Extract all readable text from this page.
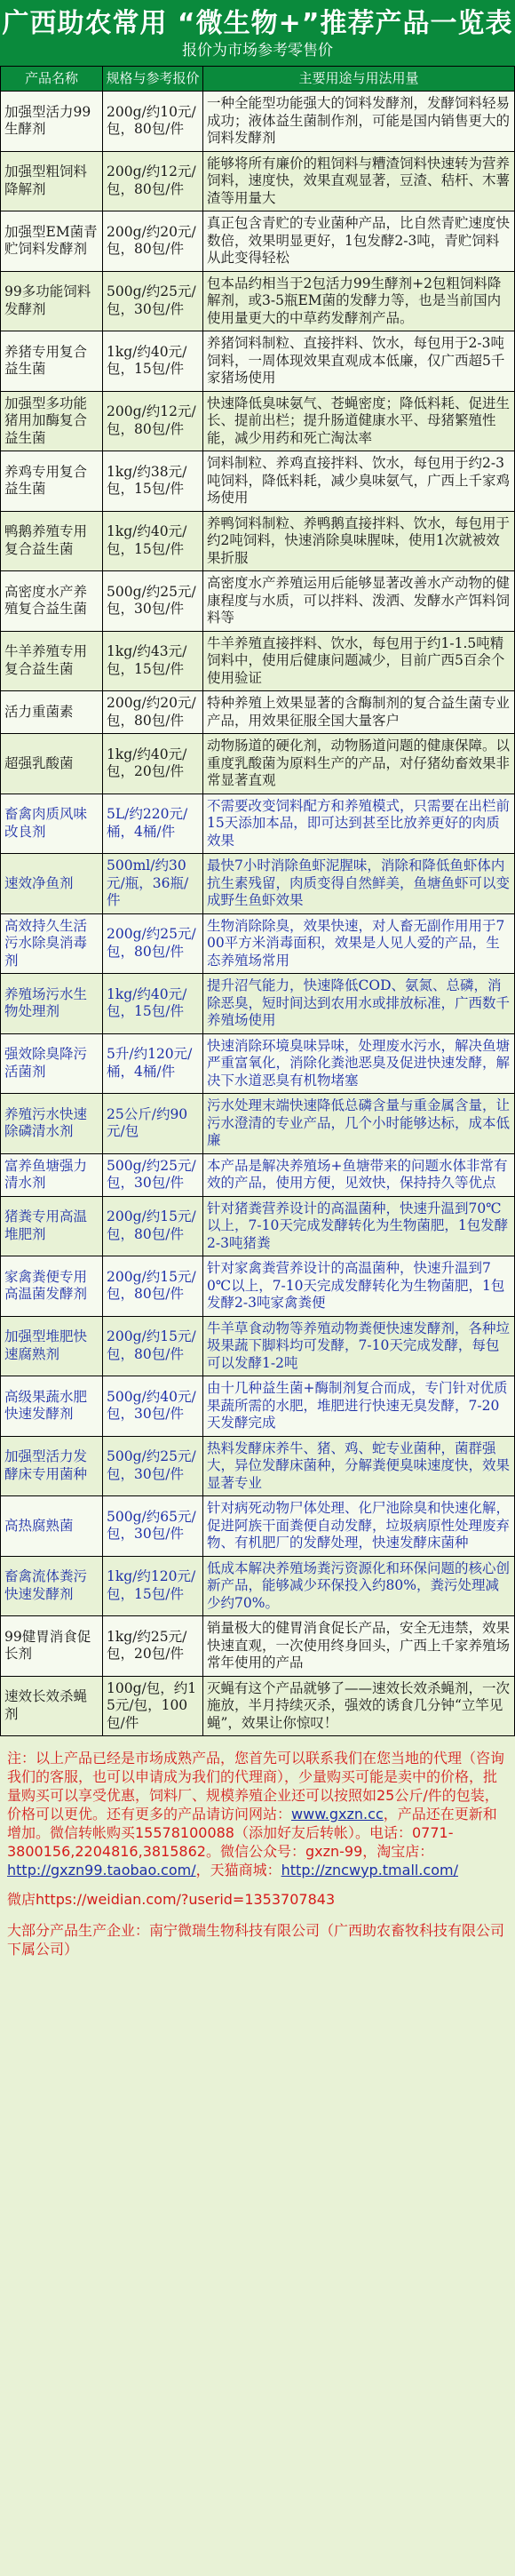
广西助农常用 “微生物+”推荐产品一览表
报价为市场参考零售价
产品名称	规格与参考报价	主要用途与用法用量
加强型活力99生酵剂	200g/约10元/包，80包/件	一种全能型功能强大的饲料发酵剂，发酵饲料轻易成功；液体益生菌制作剂，可能是国内销售更大的饲料发酵剂
加强型粗饲料降解剂	200g/约12元/包，80包/件	能够将所有廉价的粗饲料与糟渣饲料快速转为营养饲料，速度快，效果直观显著，豆渣、秸杆、木薯渣等用量大
加强型EM菌青贮饲料发酵剂	200g/约20元/包，80包/件	真正包含青贮的专业菌种产品，比自然青贮速度快数倍，效果明显更好，1包发酵2-3吨，青贮饲料从此变得轻松
99多功能饲料发酵剂	500g/约25元/包，30包/件	包本品约相当于2包活力99生酵剂+2包粗饲料降解剂，或3-5瓶EM菌的发酵力等，也是当前国内使用量更大的中草药发酵剂产品。
养猪专用复合益生菌	1kg/约40元/包，15包/件	养猪饲料制粒、直接拌料、饮水，每包用于2-3吨饲料，一周体现效果直观成本低廉，仅广西超5千家猪场使用
加强型多功能猪用加酶复合益生菌	200g/约12元/包，80包/件	快速降低臭味氨气、苍蝇密度；降低料耗、促进生长、提前出栏；提升肠道健康水平、母猪繁殖性能，减少用药和死亡淘汰率
养鸡专用复合益生菌	1kg/约38元/包，15包/件	饲料制粒、养鸡直接拌料、饮水，每包用于约2-3吨饲料，降低料耗，减少臭味氨气，广西上千家鸡场使用
鸭鹅养殖专用复合益生菌	1kg/约40元/包，15包/件	养鸭饲料制粒、养鸭鹅直接拌料、饮水，每包用于约2吨饲料，快速消除臭味腥味，使用1次就被效果折服
高密度水产养殖复合益生菌	500g/约25元/包，30包/件	高密度水产养殖运用后能够显著改善水产动物的健康程度与水质，可以拌料、泼洒、发酵水产饵料饲料等
牛羊养殖专用复合益生菌	1kg/约43元/包，15包/件	牛羊养殖直接拌料、饮水，每包用于约1-1.5吨精饲料中，使用后健康问题减少，目前广西5百余个使用验证
活力重菌素	200g/约20元/包，80包/件	特种养殖上效果显著的含酶制剂的复合益生菌专业产品，用效果征服全国大量客户
超强乳酸菌	1kg/约40元/包，20包/件	动物肠道的硬化剂，动物肠道问题的健康保障。以重度乳酸菌为原料生产的产品，对仔猪幼畜效果非常显著直观
畜禽肉质风味改良剂	5L/约220元/桶，4桶/件	不需要改变饲料配方和养殖模式，只需要在出栏前15天添加本品，即可达到甚至比放养更好的肉质效果
速效净鱼剂	500ml/约30元/瓶，36瓶/件	最快7小时消除鱼虾泥腥味，消除和降低鱼虾体内抗生素残留，肉质变得自然鲜美，鱼塘鱼虾可以变成野生鱼虾效果
高效持久生活污水除臭消毒剂	200g/约25元/包，80包/件	生物消除除臭，效果快速，对人畜无副作用用于700平方米消毒面积，效果是人见人爱的产品，生态养殖场常用
养殖场污水生物处理剂	1kg/约40元/包，15包/件	提升沼气能力，快速降低COD、氨氮、总磷，消除恶臭，短时间达到农用水或排放标准，广西数千养殖场使用
强效除臭降污活菌剂	5升/约120元/桶，4桶/件	快速消除环境臭味异味，处理废水污水，解决鱼塘严重富氧化，消除化粪池恶臭及促进快速发酵，解决下水道恶臭有机物堵塞
养殖污水快速除磷清水剂	25公斤/约90元/包	污水处理末端快速降低总磷含量与重金属含量，让污水澄清的专业产品，几个小时能够达标，成本低廉
富养鱼塘强力清水剂	500g/约25元/包，30包/件	本产品是解决养殖场+鱼塘带来的问题水体非常有效的产品，使用方便，见效快，保持持久等优点
猪粪专用高温堆肥剂	200g/约15元/包，80包/件	针对猪粪营养设计的高温菌种，快速升温到70℃以上，7-10天完成发酵转化为生物菌肥，1包发酵2-3吨猪粪
家禽粪便专用高温菌发酵剂	200g/约15元/包，80包/件	针对家禽粪营养设计的高温菌种，快速升温到70℃以上，7-10天完成发酵转化为生物菌肥，1包发酵2-3吨家禽粪便
加强型堆肥快速腐熟剂	200g/约15元/包，80包/件	牛羊草食动物等养殖动物粪便快速发酵剂，各种垃圾果蔬下脚料均可发酵，7-10天完成发酵，每包可以发酵1-2吨
高级果蔬水肥快速发酵剂	500g/约40元/包，30包/件	由十几种益生菌+酶制剂复合而成，专门针对优质果蔬所需的水肥，堆肥进行快速无臭发酵，7-20天发酵完成
加强型活力发酵床专用菌种	500g/约25元/包，30包/件	热料发酵床养牛、猪、鸡、蛇专业菌种，菌群强大，异位发酵床菌种，分解粪便臭味速度快，效果显著专业
高热腐熟菌	500g/约65元/包，30包/件	针对病死动物尸体处理、化尸池除臭和快速化解，促进阿族干面粪便自动发酵，垃圾病原性处理废弃物、有机肥厂的发酵处理，快速发酵床菌种
畜禽流体粪污快速发酵剂	1kg/约120元/包，15包/件	低成本解决养殖场粪污资源化和环保问题的核心创新产品，能够减少环保投入约80%，粪污处理减少约70%。
99健胃消食促长剂	1kg/约25元/包，20包/件	销量极大的健胃消食促长产品，安全无违禁，效果快速直观，一次使用终身回头，广西上千家养殖场常年使用的产品
速效长效杀蝇剂	100g/包，约15元/包，100包/件	灭蝇有这个产品就够了——速效长效杀蝇剂，一次施放，半月持续灭杀，强效的诱食几分钟“立竿见蝇”，效果让你惊叹！
注：以上产品已经是市场成熟产品，您首先可以联系我们在您当地的代理（咨询我们的客服，也可以申请成为我们的代理商），少量购买可能是卖中的价格，批量购买可以享受优惠，饲料厂、规模养殖企业还可以按照如25公斤/件的包装，价格可以更优。还有更多的产品请访问网站：www.gxzn.cc，产品还在更新和增加。微信转帐购买15578100088（添加好友后转帐）。电话：0771-3800156,2204816,3815862。微信公众号：gxzn-99，淘宝店：http://gxzn99.taobao.com/，天猫商城：http://zncwyp.tmall.com/
微店https://weidian.com/?userid=1353707843
大部分产品生产企业：南宁微瑞生物科技有限公司（广西助农畜牧科技有限公司下属公司）
